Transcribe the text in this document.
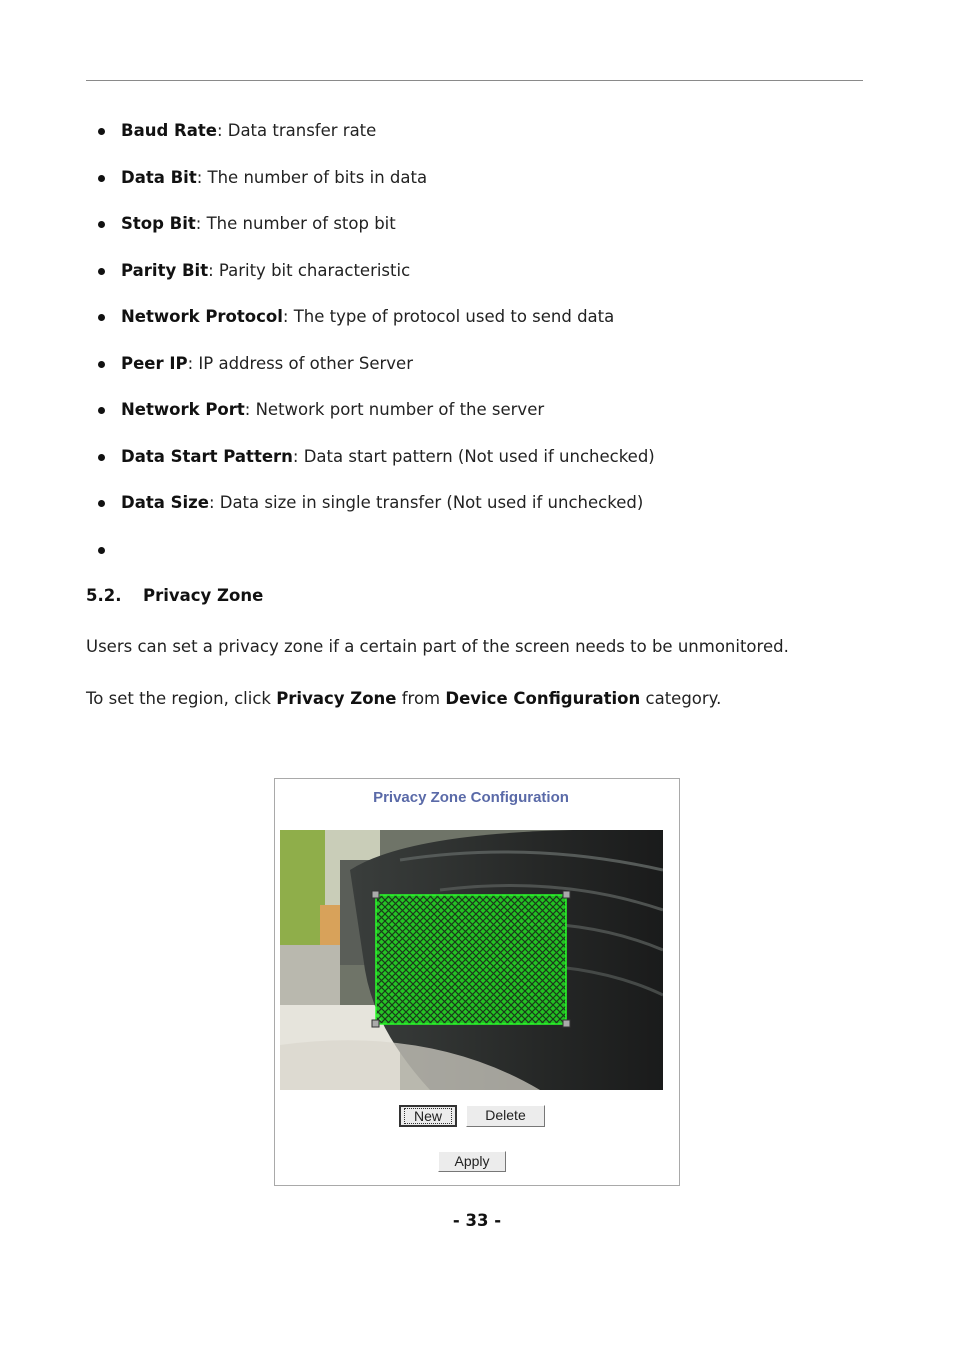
Baud Rate: Data transfer rate
Data Bit: The number of bits in data
Stop Bit: The number of stop bit
Parity Bit: Parity bit characteristic
Network Protocol: The type of protocol used to send data
Peer IP: IP address of other Server
Network Port: Network port number of the server
Data Start Pattern: Data start pattern (Not used if unchecked)
Data Size: Data size in single transfer (Not used if unchecked)
5.2. Privacy Zone
Users can set a privacy zone if a certain part of the screen needs to be unmonitored.
To set the region, click Privacy Zone from Device Configuration category.
Privacy Zone Configuration
New	Delete
Apply
- 33 -
